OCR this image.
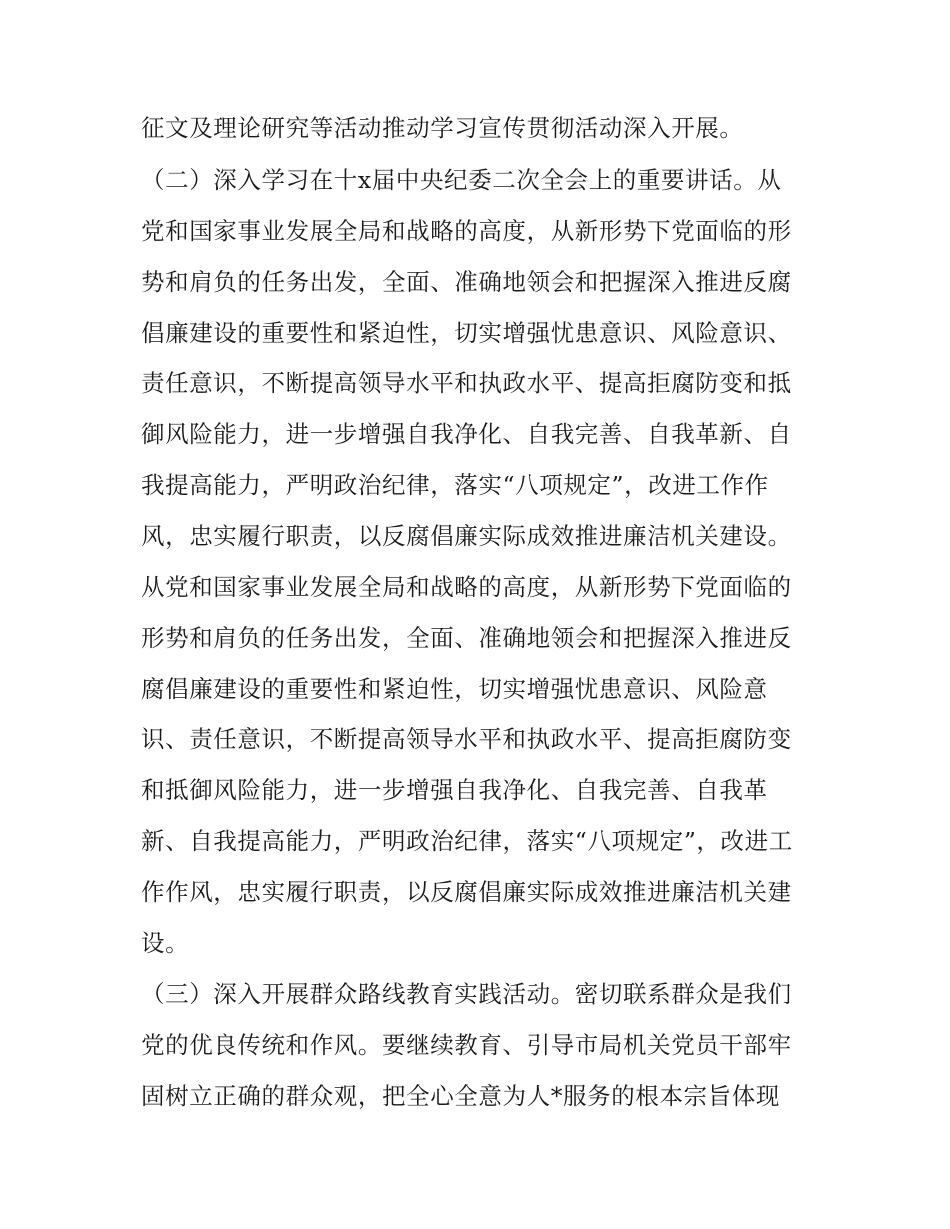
征文及理论研究等活动推动学习宣传贯彻活动深入开展。
（二）深入学习在十x届中央纪委二次全会上的重要讲话。从
党和国家事业发展全局和战略的高度，从新形势下党面临的形
势和肩负的任务出发，全面、准确地领会和把握深入推进反腐
倡廉建设的重要性和紧迫性，切实增强忧患意识、风险意识、
责任意识，不断提高领导水平和执政水平、提高拒腐防变和抵
御风险能力，进一步增强自我净化、自我完善、自我革新、自
我提高能力，严明政治纪律，落实“八项规定”，改进工作作
风，忠实履行职责，以反腐倡廉实际成效推进廉洁机关建设。
从党和国家事业发展全局和战略的高度，从新形势下党面临的
形势和肩负的任务出发，全面、准确地领会和把握深入推进反
腐倡廉建设的重要性和紧迫性，切实增强忧患意识、风险意
识、责任意识，不断提高领导水平和执政水平、提高拒腐防变
和抵御风险能力，进一步增强自我净化、自我完善、自我革
新、自我提高能力，严明政治纪律，落实“八项规定”，改进工
作作风，忠实履行职责，以反腐倡廉实际成效推进廉洁机关建
设。
（三）深入开展群众路线教育实践活动。密切联系群众是我们
党的优良传统和作风。要继续教育、引导市局机关党员干部牢
固树立正确的群众观，把全心全意为人*服务的根本宗旨体现
